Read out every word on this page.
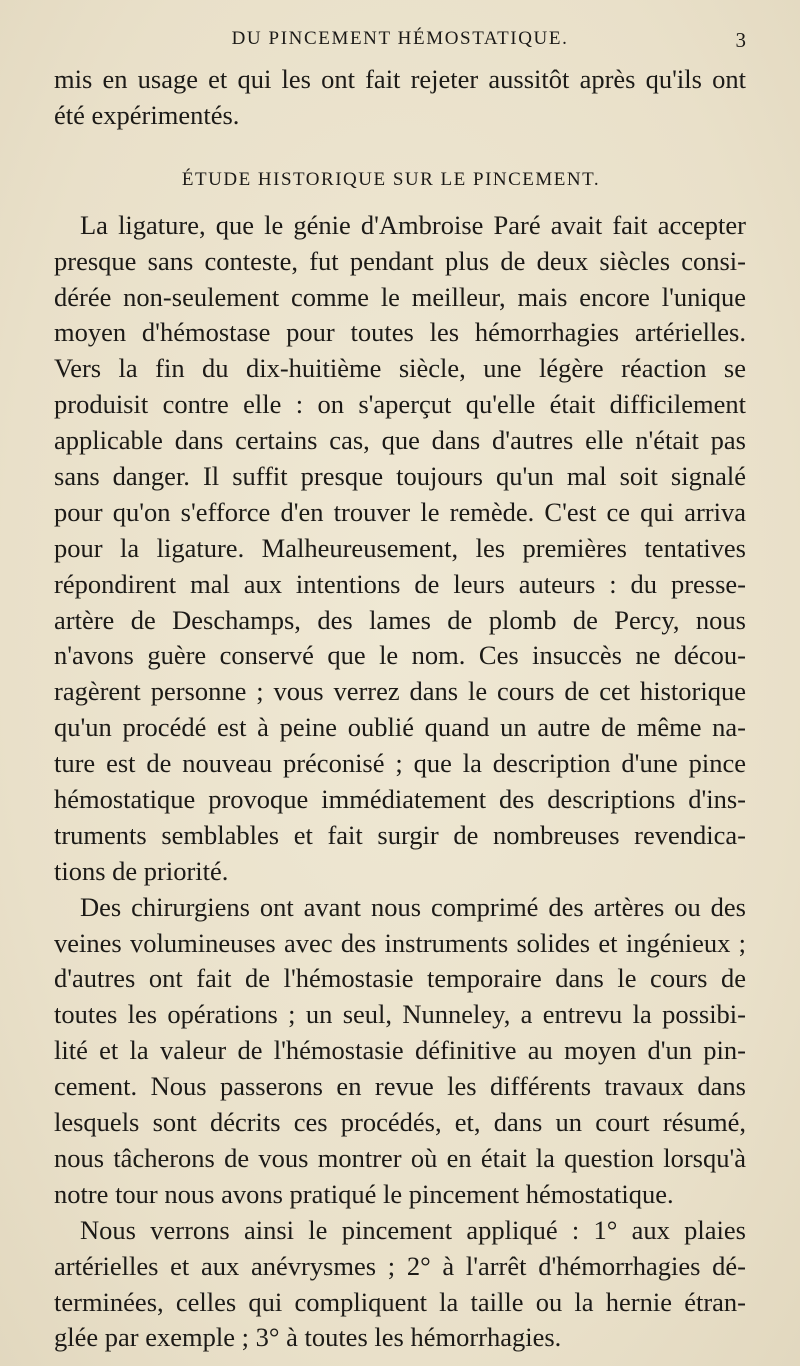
DU PINCEMENT HÉMOSTATIQUE.	3
mis en usage et qui les ont fait rejeter aussitôt après qu'ils ont
été expérimentés.
ÉTUDE HISTORIQUE SUR LE PINCEMENT.
La ligature, que le génie d'Ambroise Paré avait fait accepter
presque sans conteste, fut pendant plus de deux siècles consi-
dérée non-seulement comme le meilleur, mais encore l'unique
moyen d'hémostase pour toutes les hémorrhagies artérielles.
Vers la fin du dix-huitième siècle, une légère réaction se
produisit contre elle : on s'aperçut qu'elle était difficilement
applicable dans certains cas, que dans d'autres elle n'était pas
sans danger. Il suffit presque toujours qu'un mal soit signalé
pour qu'on s'efforce d'en trouver le remède. C'est ce qui arriva
pour la ligature. Malheureusement, les premières tentatives
répondirent mal aux intentions de leurs auteurs : du presse-
artère de Deschamps, des lames de plomb de Percy, nous
n'avons guère conservé que le nom. Ces insuccès ne décou-
ragèrent personne ; vous verrez dans le cours de cet historique
qu'un procédé est à peine oublié quand un autre de même na-
ture est de nouveau préconisé ; que la description d'une pince
hémostatique provoque immédiatement des descriptions d'ins-
truments semblables et fait surgir de nombreuses revendica-
tions de priorité.
Des chirurgiens ont avant nous comprimé des artères ou des
veines volumineuses avec des instruments solides et ingénieux ;
d'autres ont fait de l'hémostasie temporaire dans le cours de
toutes les opérations ; un seul, Nunneley, a entrevu la possibi-
lité et la valeur de l'hémostasie définitive au moyen d'un pin-
cement. Nous passerons en revue les différents travaux dans
lesquels sont décrits ces procédés, et, dans un court résumé,
nous tâcherons de vous montrer où en était la question lorsqu'à
notre tour nous avons pratiqué le pincement hémostatique.
Nous verrons ainsi le pincement appliqué : 1° aux plaies
artérielles et aux anévrysmes ; 2° à l'arrêt d'hémorrhagies dé-
terminées, celles qui compliquent la taille ou la hernie étran-
glée par exemple ; 3° à toutes les hémorrhagies.
